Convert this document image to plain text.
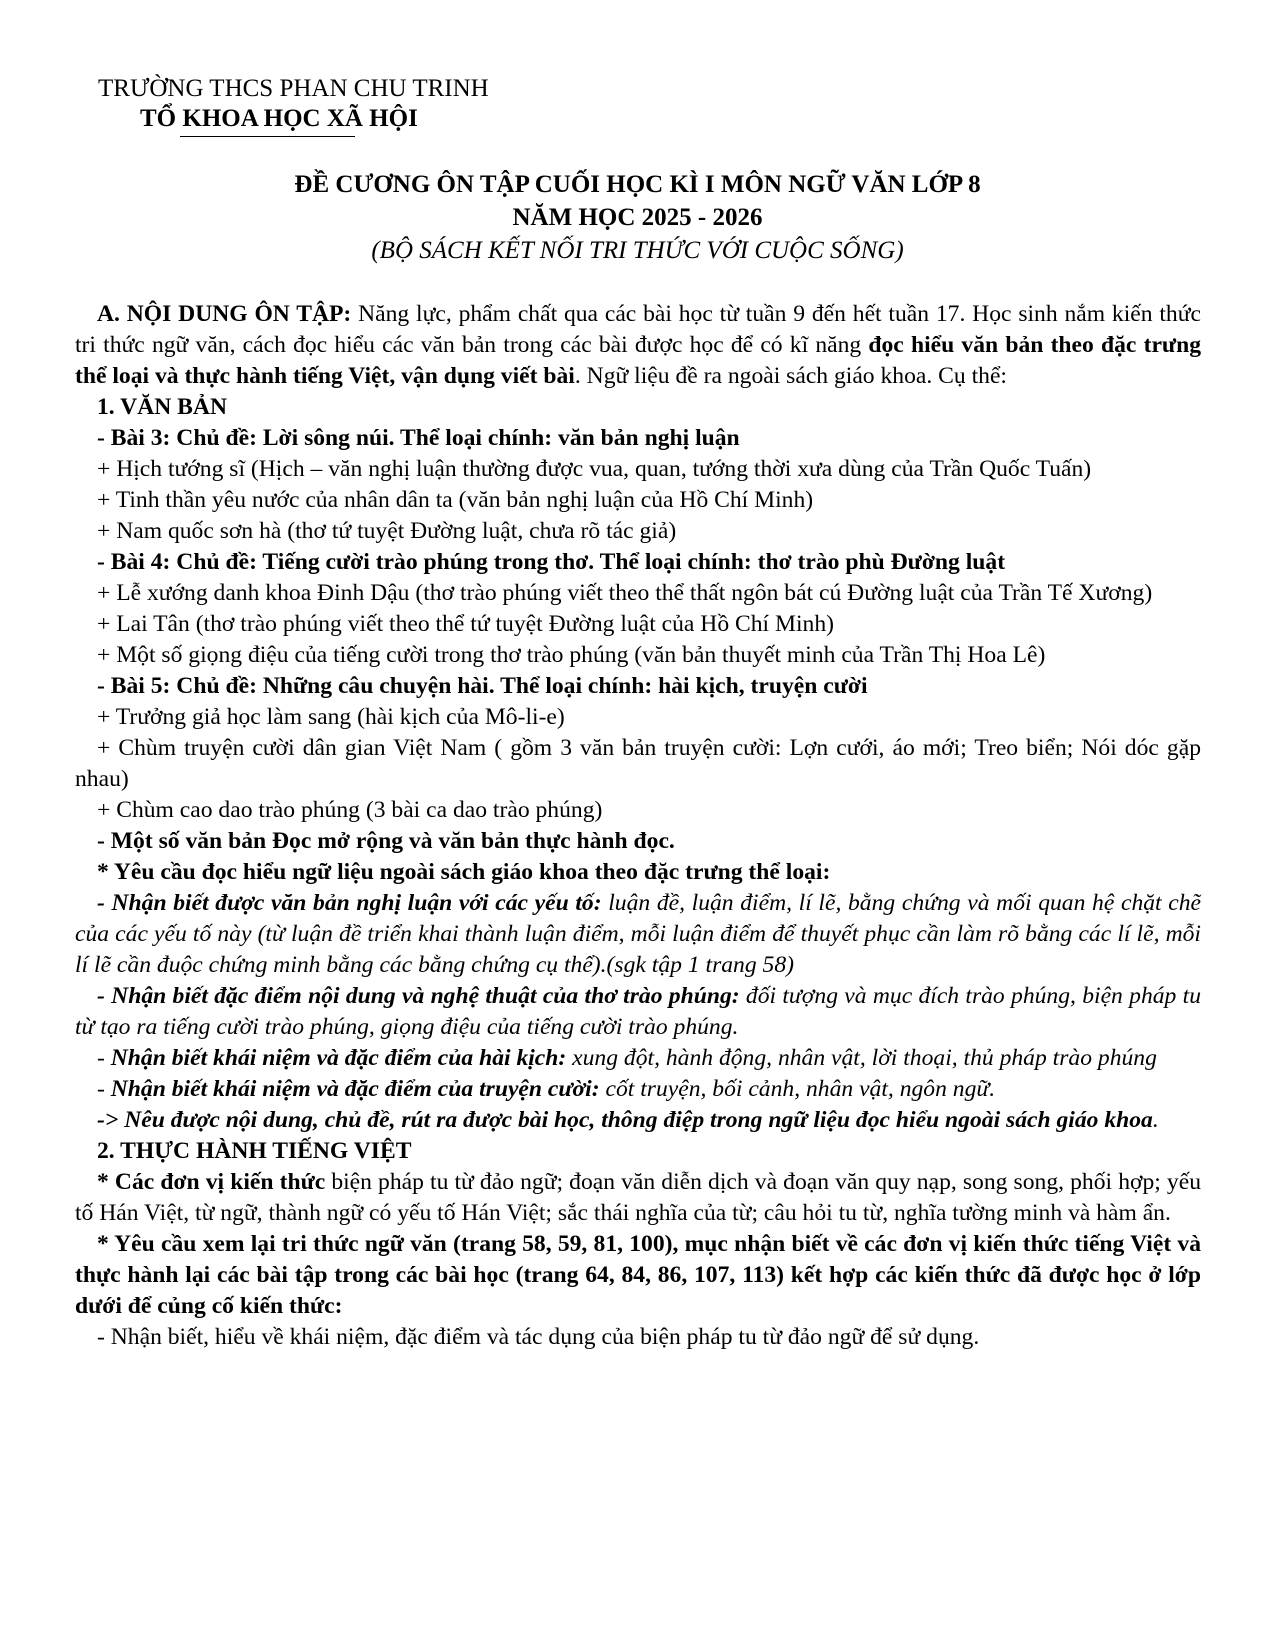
TRƯỜNG THCS PHAN CHU TRINH
TỔ KHOA HỌC XÃ HỘI
ĐỀ CƯƠNG ÔN TẬP CUỐI HỌC KÌ I MÔN NGỮ VĂN LỚP 8
NĂM HỌC 2025 - 2026
(BỘ SÁCH KẾT NỐI TRI THỨC VỚI CUỘC SỐNG)

A. NỘI DUNG ÔN TẬP: Năng lực, phẩm chất qua các bài học từ tuần 9 đến hết tuần 17. Học sinh nắm kiến thức tri thức ngữ văn, cách đọc hiểu các văn bản trong các bài được học để có kĩ năng đọc hiểu văn bản theo đặc trưng thể loại và thực hành tiếng Việt, vận dụng viết bài. Ngữ liệu đề ra ngoài sách giáo khoa. Cụ thể:

1. VĂN BẢN

- Bài 3: Chủ đề: Lời sông núi. Thể loại chính: văn bản nghị luận

+ Hịch tướng sĩ (Hịch – văn nghị luận thường được vua, quan, tướng thời xưa dùng của Trần Quốc Tuấn)

+ Tinh thần yêu nước của nhân dân ta (văn bản nghị luận của Hồ Chí Minh)

+ Nam quốc sơn hà (thơ tứ tuyệt Đường luật, chưa rõ tác giả)

- Bài 4: Chủ đề: Tiếng cười trào phúng trong thơ. Thể loại chính: thơ trào phù Đường luật

+ Lễ xướng danh khoa Đinh Dậu (thơ trào phúng viết theo thể thất ngôn bát cú Đường luật của Trần Tế Xương)

+ Lai Tân (thơ trào phúng viết theo thể tứ tuyệt Đường luật của Hồ Chí Minh)

+ Một số giọng điệu của tiếng cười trong thơ trào phúng (văn bản thuyết minh của Trần Thị Hoa Lê)

- Bài 5: Chủ đề: Những câu chuyện hài. Thể loại chính: hài kịch, truyện cười

+ Trưởng giả học làm sang (hài kịch của Mô-li-e)

+ Chùm truyện cười dân gian Việt Nam ( gồm 3 văn bản truyện cười: Lợn cưới, áo mới; Treo biển; Nói dóc gặp nhau)

+ Chùm cao dao trào phúng (3 bài ca dao trào phúng)

- Một số văn bản Đọc mở rộng và văn bản thực hành đọc.

* Yêu cầu đọc hiểu ngữ liệu ngoài sách giáo khoa theo đặc trưng thể loại:

- Nhận biết được văn bản nghị luận với các yếu tố: luận đề, luận điểm, lí lẽ, bằng chứng và mối quan hệ chặt chẽ của các yếu tố này (từ luận đề triển khai thành luận điểm, mỗi luận điểm để thuyết phục cần làm rõ bằng các lí lẽ, mỗi lí lẽ cần đuộc chứng minh bằng các bằng chứng cụ thể).(sgk tập 1 trang 58)

- Nhận biết đặc điểm nội dung và nghệ thuật của thơ trào phúng: đối tượng và mục đích trào phúng, biện pháp tu từ tạo ra tiếng cười trào phúng, giọng điệu của tiếng cười trào phúng.

- Nhận biết khái niệm và đặc điểm của hài kịch: xung đột, hành động, nhân vật, lời thoại, thủ pháp trào phúng

- Nhận biết khái niệm và đặc điểm của truyện cười: cốt truyện, bối cảnh, nhân vật, ngôn ngữ.

-> Nêu được nội dung, chủ đề, rút ra được bài học, thông điệp trong ngữ liệu đọc hiểu ngoài sách giáo khoa.

2. THỰC HÀNH TIẾNG VIỆT

* Các đơn vị kiến thức biện pháp tu từ đảo ngữ; đoạn văn diễn dịch và đoạn văn quy nạp, song song, phối hợp; yếu tố Hán Việt, từ ngữ, thành ngữ có yếu tố Hán Việt; sắc thái nghĩa của từ; câu hỏi tu từ, nghĩa tường minh và hàm ẩn.

* Yêu cầu xem lại tri thức ngữ văn (trang 58, 59, 81, 100), mục nhận biết về các đơn vị kiến thức tiếng Việt và thực hành lại các bài tập trong các bài học (trang 64, 84, 86, 107, 113) kết hợp các kiến thức đã được học ở lớp dưới để củng cố kiến thức:

- Nhận biết, hiểu về khái niệm, đặc điểm và tác dụng của biện pháp tu từ đảo ngữ để sử dụng.
